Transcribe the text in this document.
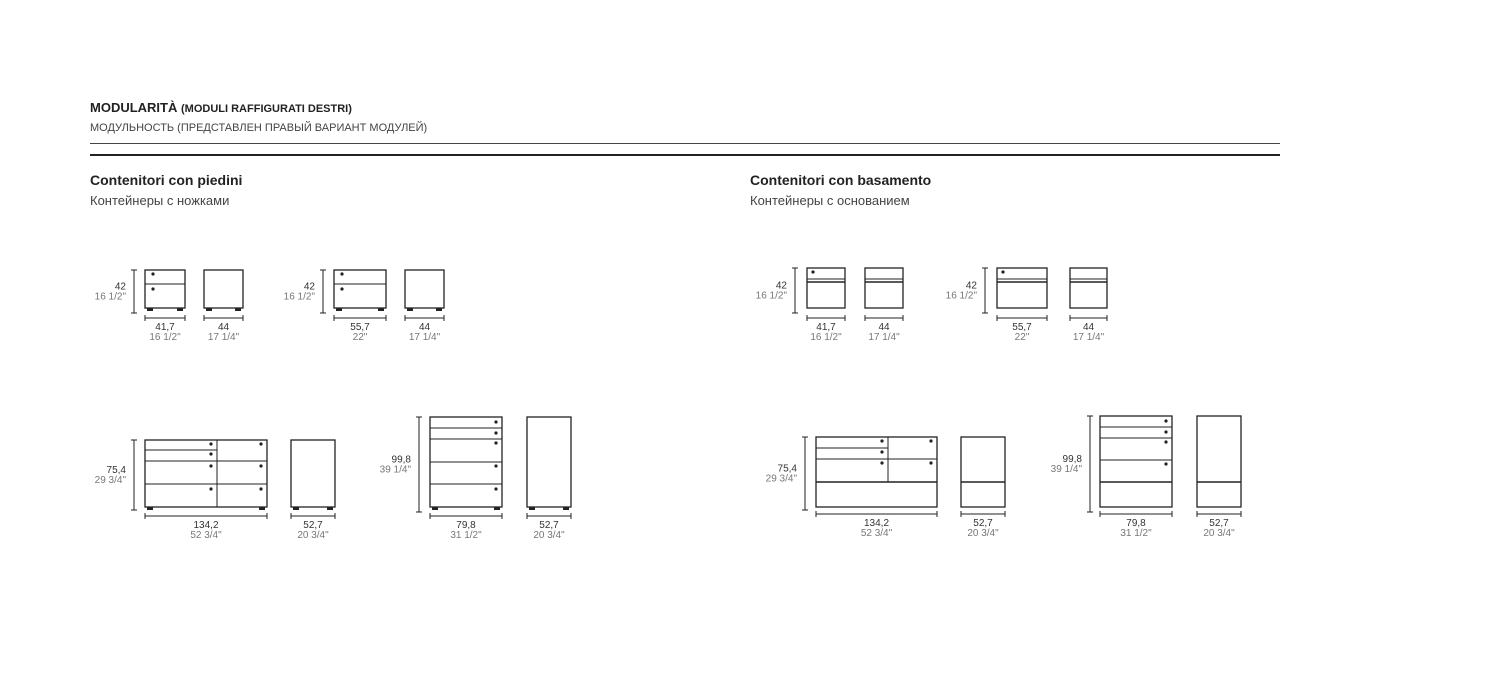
MODULARITÀ (MODULI RAFFIGURATI DESTRI)
МОДУЛЬНОСТЬ (ПРЕДСТАВЛЕН ПРАВЫЙ ВАРИАНТ МОДУЛЕЙ)
Contenitori con piedini
Контейнеры с ножками
Contenitori con basamento
Контейнеры с основанием
42
16 1/2"
41,7
16 1/2"
44
17 1/4"
42
16 1/2"
55,7
22"
44
17 1/4"
75,4
29 3/4"
134,2
52 3/4"
52,7
20 3/4"
99,8
39 1/4"
79,8
31 1/2"
52,7
20 3/4"
42
16 1/2"
41,7
16 1/2"
44
17 1/4"
42
16 1/2"
55,7
22"
44
17 1/4"
75,4
29 3/4"
134,2
52 3/4"
52,7
20 3/4"
99,8
39 1/4"
79,8
31 1/2"
52,7
20 3/4"
